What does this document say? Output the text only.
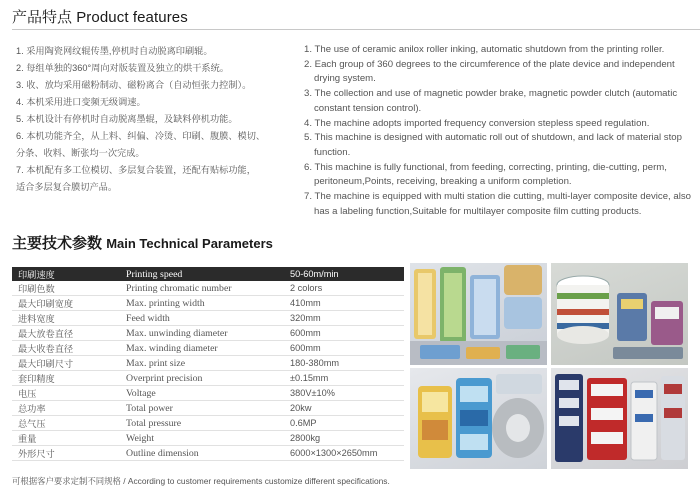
产品特点 Product features
1. 采用陶瓷网纹辊传墨,停机时自动脱离印刷辊。
2. 每组单独的360°周向对版装置及独立的烘干系统。
3. 收、放均采用磁粉制动、磁粉离合（自动恒张力控制）。
4. 本机采用进口变频无级调速。
5. 本机设计有停机时自动脱离墨辊，及缺料停机功能。
6. 本机功能齐全，从上料、纠偏、冷烫、印刷、腹膜、模切、
分条、收料、断张均一次完成。
7. 本机配有多工位模切、多层复合装置，还配有贴标功能，
适合多层复合膜切产品。
1. The use of ceramic anilox roller inking, automatic shutdown from the printing roller.
2. Each group of 360 degrees to the circumference of the plate device and independent drying system.
3. The collection and use of magnetic powder brake, magnetic powder clutch (automatic constant tension control).
4. The machine adopts imported frequency conversion stepless speed regulation.
5. This machine is designed with automatic roll out of shutdown, and lack of material stop function.
6. This machine is fully functional, from feeding, correcting, printing, die-cutting, perm, peritoneum,Points, receiving, breaking a uniform completion.
7. The machine is equipped with multi station die cutting, multi-layer composite device, also has a labeling function,Suitable for multilayer composite film cutting products.
主要技术参数 Main Technical Parameters
印刷速度	Printing speed	50-60m/min
印刷色数	Printing chromatic number	2 colors
最大印刷宽度	Max. printing width	410mm
进料宽度	Feed width	320mm
最大放卷直径	Max. unwinding diameter	600mm
最大收卷直径	Max. winding diameter	600mm
最大印刷尺寸	Max. print size	180-380mm
套印精度	Overprint precision	±0.15mm
电压	Voltage	380V±10%
总功率	Total power	20kw
总气压	Total pressure	0.6MP
重量	Weight	2800kg
外形尺寸	Outline dimension	6000×1300×2650mm
可根据客户要求定制不同规格 / According to customer requirements customize different specifications.
